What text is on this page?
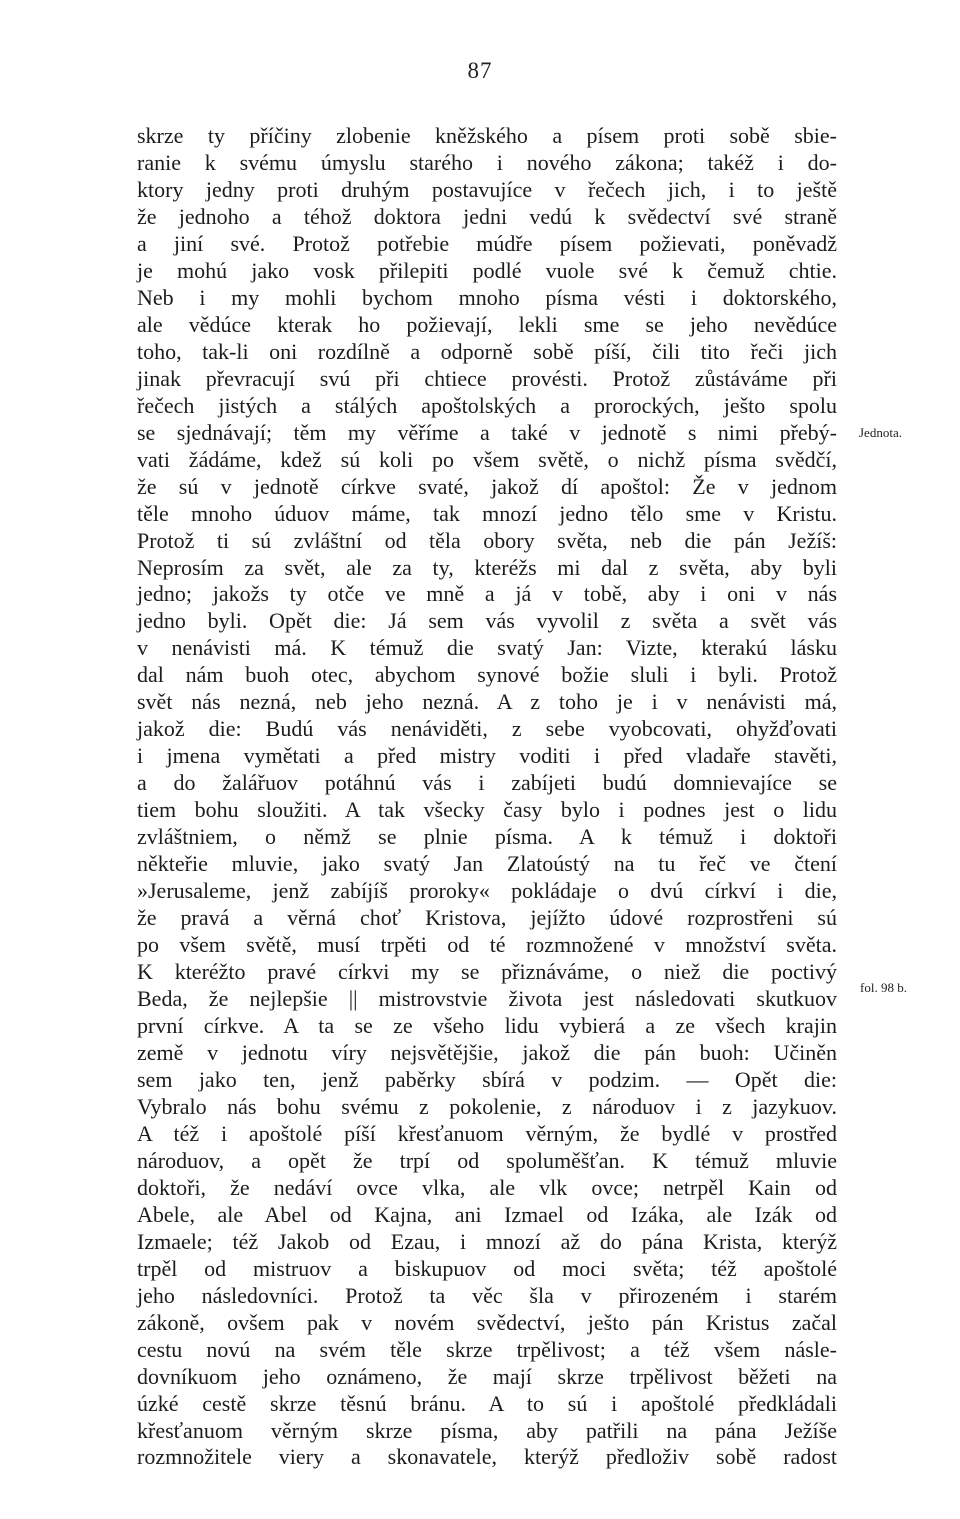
87
skrze ty příčiny zlobenie kněžského a písem proti sobě sbie-
ranie k svému úmyslu starého i nového zákona; takéž i do-
ktory jedny proti druhým postavujíce v řečech jich, i to ještě
že jednoho a téhož doktora jedni vedú k svědectví své straně
a jiní své. Protož potřebie múdře písem požievati, poněvadž
je mohú jako vosk přilepiti podlé vuole své k čemuž chtie.
Neb i my mohli bychom mnoho písma vésti i doktorského,
ale vědúce kterak ho požievají, lekli sme se jeho nevědúce
toho, tak-li oni rozdílně a odporně sobě píší, čili tito řeči jich
jinak převracují svú při chtiece provésti. Protož zůstáváme při
řečech jistých a stálých apoštolských a prorockých, ješto spolu
se sjednávají; těm my věříme a také v jednotě s nimi přebý-
vati žádáme, kdež sú koli po všem světě, o nichž písma svědčí,
že sú v jednotě církve svaté, jakož dí apoštol: Že v jednom
těle mnoho úduov máme, tak mnozí jedno tělo sme v Kristu.
Protož ti sú zvláštní od těla obory světa, neb die pán Ježíš:
Neprosím za svět, ale za ty, kteréžs mi dal z světa, aby byli
jedno; jakožs ty otče ve mně a já v tobě, aby i oni v nás
jedno byli. Opět die: Já sem vás vyvolil z světa a svět vás
v nenávisti má. K témuž die svatý Jan: Vizte, kterakú lásku
dal nám buoh otec, abychom synové božie sluli i byli. Protož
svět nás nezná, neb jeho nezná. A z toho je i v nenávisti má,
jakož die: Budú vás nenáviděti, z sebe vyobcovati, ohyžďovati
i jmena vymětati a před mistry voditi i před vladaře stavěti,
a do žalářuov potáhnú vás i zabíjeti budú domnievajíce se
tiem bohu sloužiti. A tak všecky časy bylo i podnes jest o lidu
zvláštniem, o němž se plnie písma. A k témuž i doktoři
někteřie mluvie, jako svatý Jan Zlatoústý na tu řeč ve čtení
»Jerusaleme, jenž zabíjíš proroky« pokládaje o dvú církví i die,
že pravá a věrná choť Kristova, jejížto údové rozprostřeni sú
po všem světě, musí trpěti od té rozmnožené v množství světa.
K kteréžto pravé církvi my se přiznáváme, o niež die poctivý
Beda, že nejlepšie || mistrovstvie života jest následovati skutkuov
první církve. A ta se ze všeho lidu vybierá a ze všech krajin
země v jednotu víry nejsvětějšie, jakož die pán buoh: Učiněn
sem jako ten, jenž paběrky sbírá v podzim. — Opět die:
Vybralo nás bohu svému z pokolenie, z národuov i z jazykuov.
A též i apoštolé píší křesťanuom věrným, že bydlé v prostřed
národuov, a opět že trpí od spoluměšťan. K témuž mluvie
doktoři, že nedáví ovce vlka, ale vlk ovce; netrpěl Kain od
Abele, ale Abel od Kajna, ani Izmael od Izáka, ale Izák od
Izmaele; též Jakob od Ezau, i mnozí až do pána Krista, kterýž
trpěl od mistruov a biskupuov od moci světa; též apoštolé
jeho následovníci. Protož ta věc šla v přirozeném i starém
zákoně, ovšem pak v novém svědectví, ješto pán Kristus začal
cestu novú na svém těle skrze trpělivost; a též všem násle-
dovníkuom jeho oznámeno, že mají skrze trpělivost běžeti na
úzké cestě skrze těsnú bránu. A to sú i apoštolé předkládali
křesťanuom věrným skrze písma, aby patřili na pána Ježíše
rozmnožitele viery a skonavatele, kterýž předloživ sobě radost
Jednota.
fol. 98 b.
